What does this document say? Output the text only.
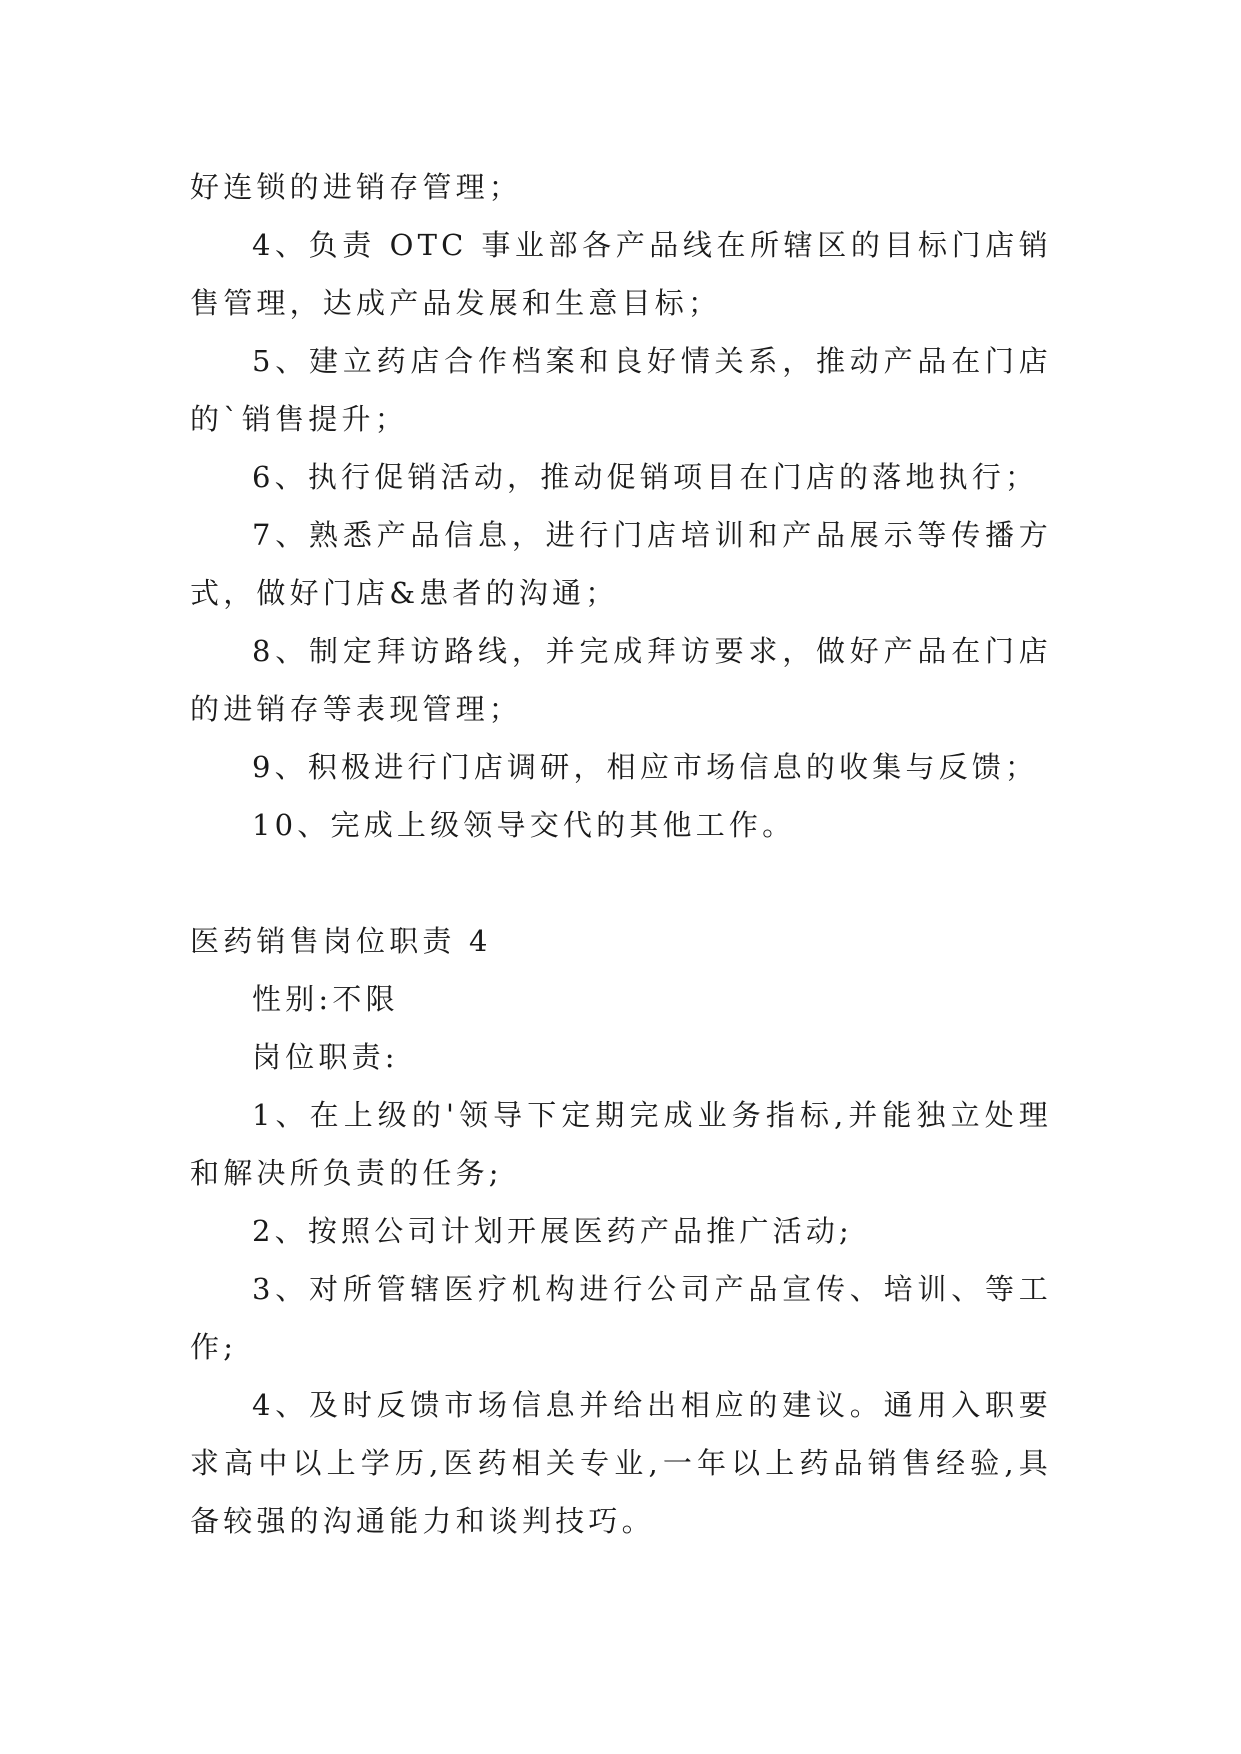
好连锁的进销存管理；

4、负责 OTC 事业部各产品线在所辖区的目标门店销售管理，达成产品发展和生意目标；

5、建立药店合作档案和良好情关系，推动产品在门店的`销售提升；

6、执行促销活动，推动促销项目在门店的落地执行；

7、熟悉产品信息，进行门店培训和产品展示等传播方式，做好门店&患者的沟通；

8、制定拜访路线，并完成拜访要求，做好产品在门店的进销存等表现管理；

9、积极进行门店调研，相应市场信息的收集与反馈；

10、完成上级领导交代的其他工作。

医药销售岗位职责 4

性别:不限

岗位职责:

1、在上级的'领导下定期完成业务指标,并能独立处理和解决所负责的任务;

2、按照公司计划开展医药产品推广活动;

3、对所管辖医疗机构进行公司产品宣传、培训、等工作;

4、及时反馈市场信息并给出相应的建议。通用入职要求高中以上学历,医药相关专业,一年以上药品销售经验,具备较强的沟通能力和谈判技巧。
